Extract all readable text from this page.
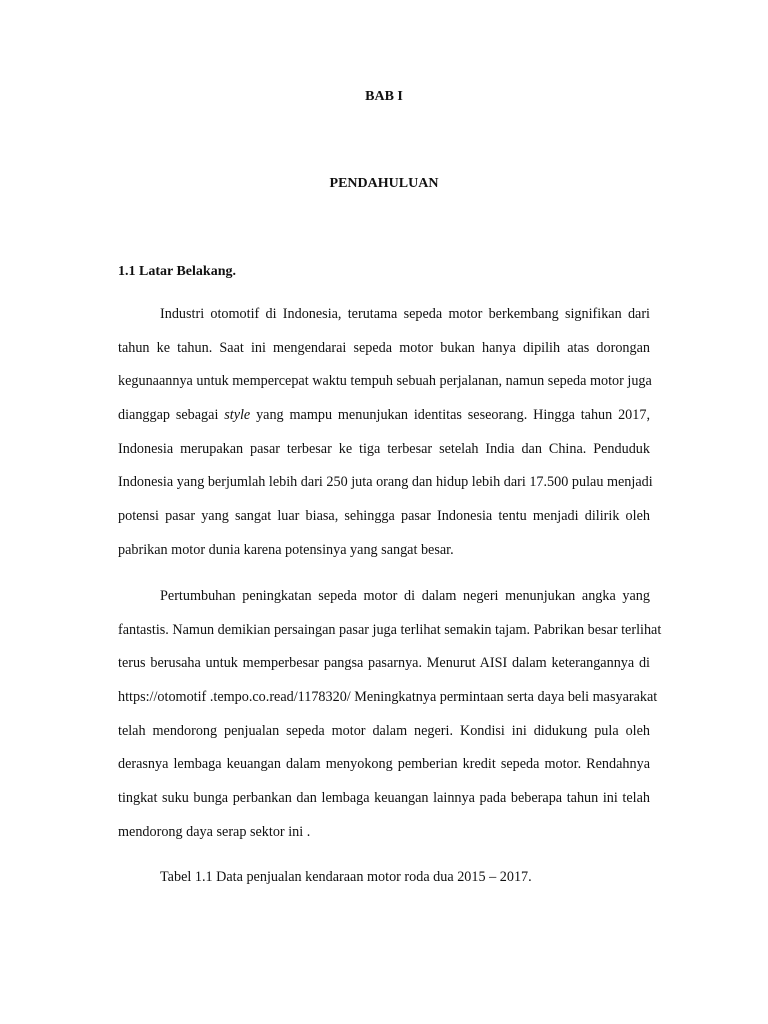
BAB I

PENDAHULUAN

1.1 Latar Belakang.

Industri otomotif di Indonesia, terutama sepeda motor berkembang signifikan dari
tahun ke tahun. Saat ini mengendarai sepeda motor bukan hanya dipilih atas dorongan
kegunaannya untuk mempercepat waktu tempuh sebuah perjalanan, namun sepeda motor juga
dianggap sebagai style yang mampu menunjukan identitas seseorang. Hingga tahun 2017,
Indonesia merupakan pasar terbesar ke tiga terbesar setelah India dan China. Penduduk
Indonesia yang berjumlah lebih dari 250 juta orang dan hidup lebih dari 17.500 pulau menjadi
potensi pasar yang sangat luar biasa, sehingga pasar Indonesia tentu menjadi dilirik oleh
pabrikan motor dunia karena potensinya yang sangat besar.
Pertumbuhan peningkatan sepeda motor di dalam negeri menunjukan angka yang
fantastis. Namun demikian persaingan pasar juga terlihat semakin tajam. Pabrikan besar terlihat
terus berusaha untuk memperbesar pangsa pasarnya. Menurut AISI dalam keterangannya di
https://otomotif .tempo.co.read/1178320/ Meningkatnya permintaan serta daya beli masyarakat
telah mendorong penjualan sepeda motor dalam negeri. Kondisi ini didukung pula oleh
derasnya lembaga keuangan dalam menyokong pemberian kredit sepeda motor. Rendahnya
tingkat suku bunga perbankan dan lembaga keuangan lainnya pada beberapa tahun ini telah
mendorong daya serap sektor ini .

Tabel 1.1 Data penjualan kendaraan motor roda dua 2015 – 2017.
